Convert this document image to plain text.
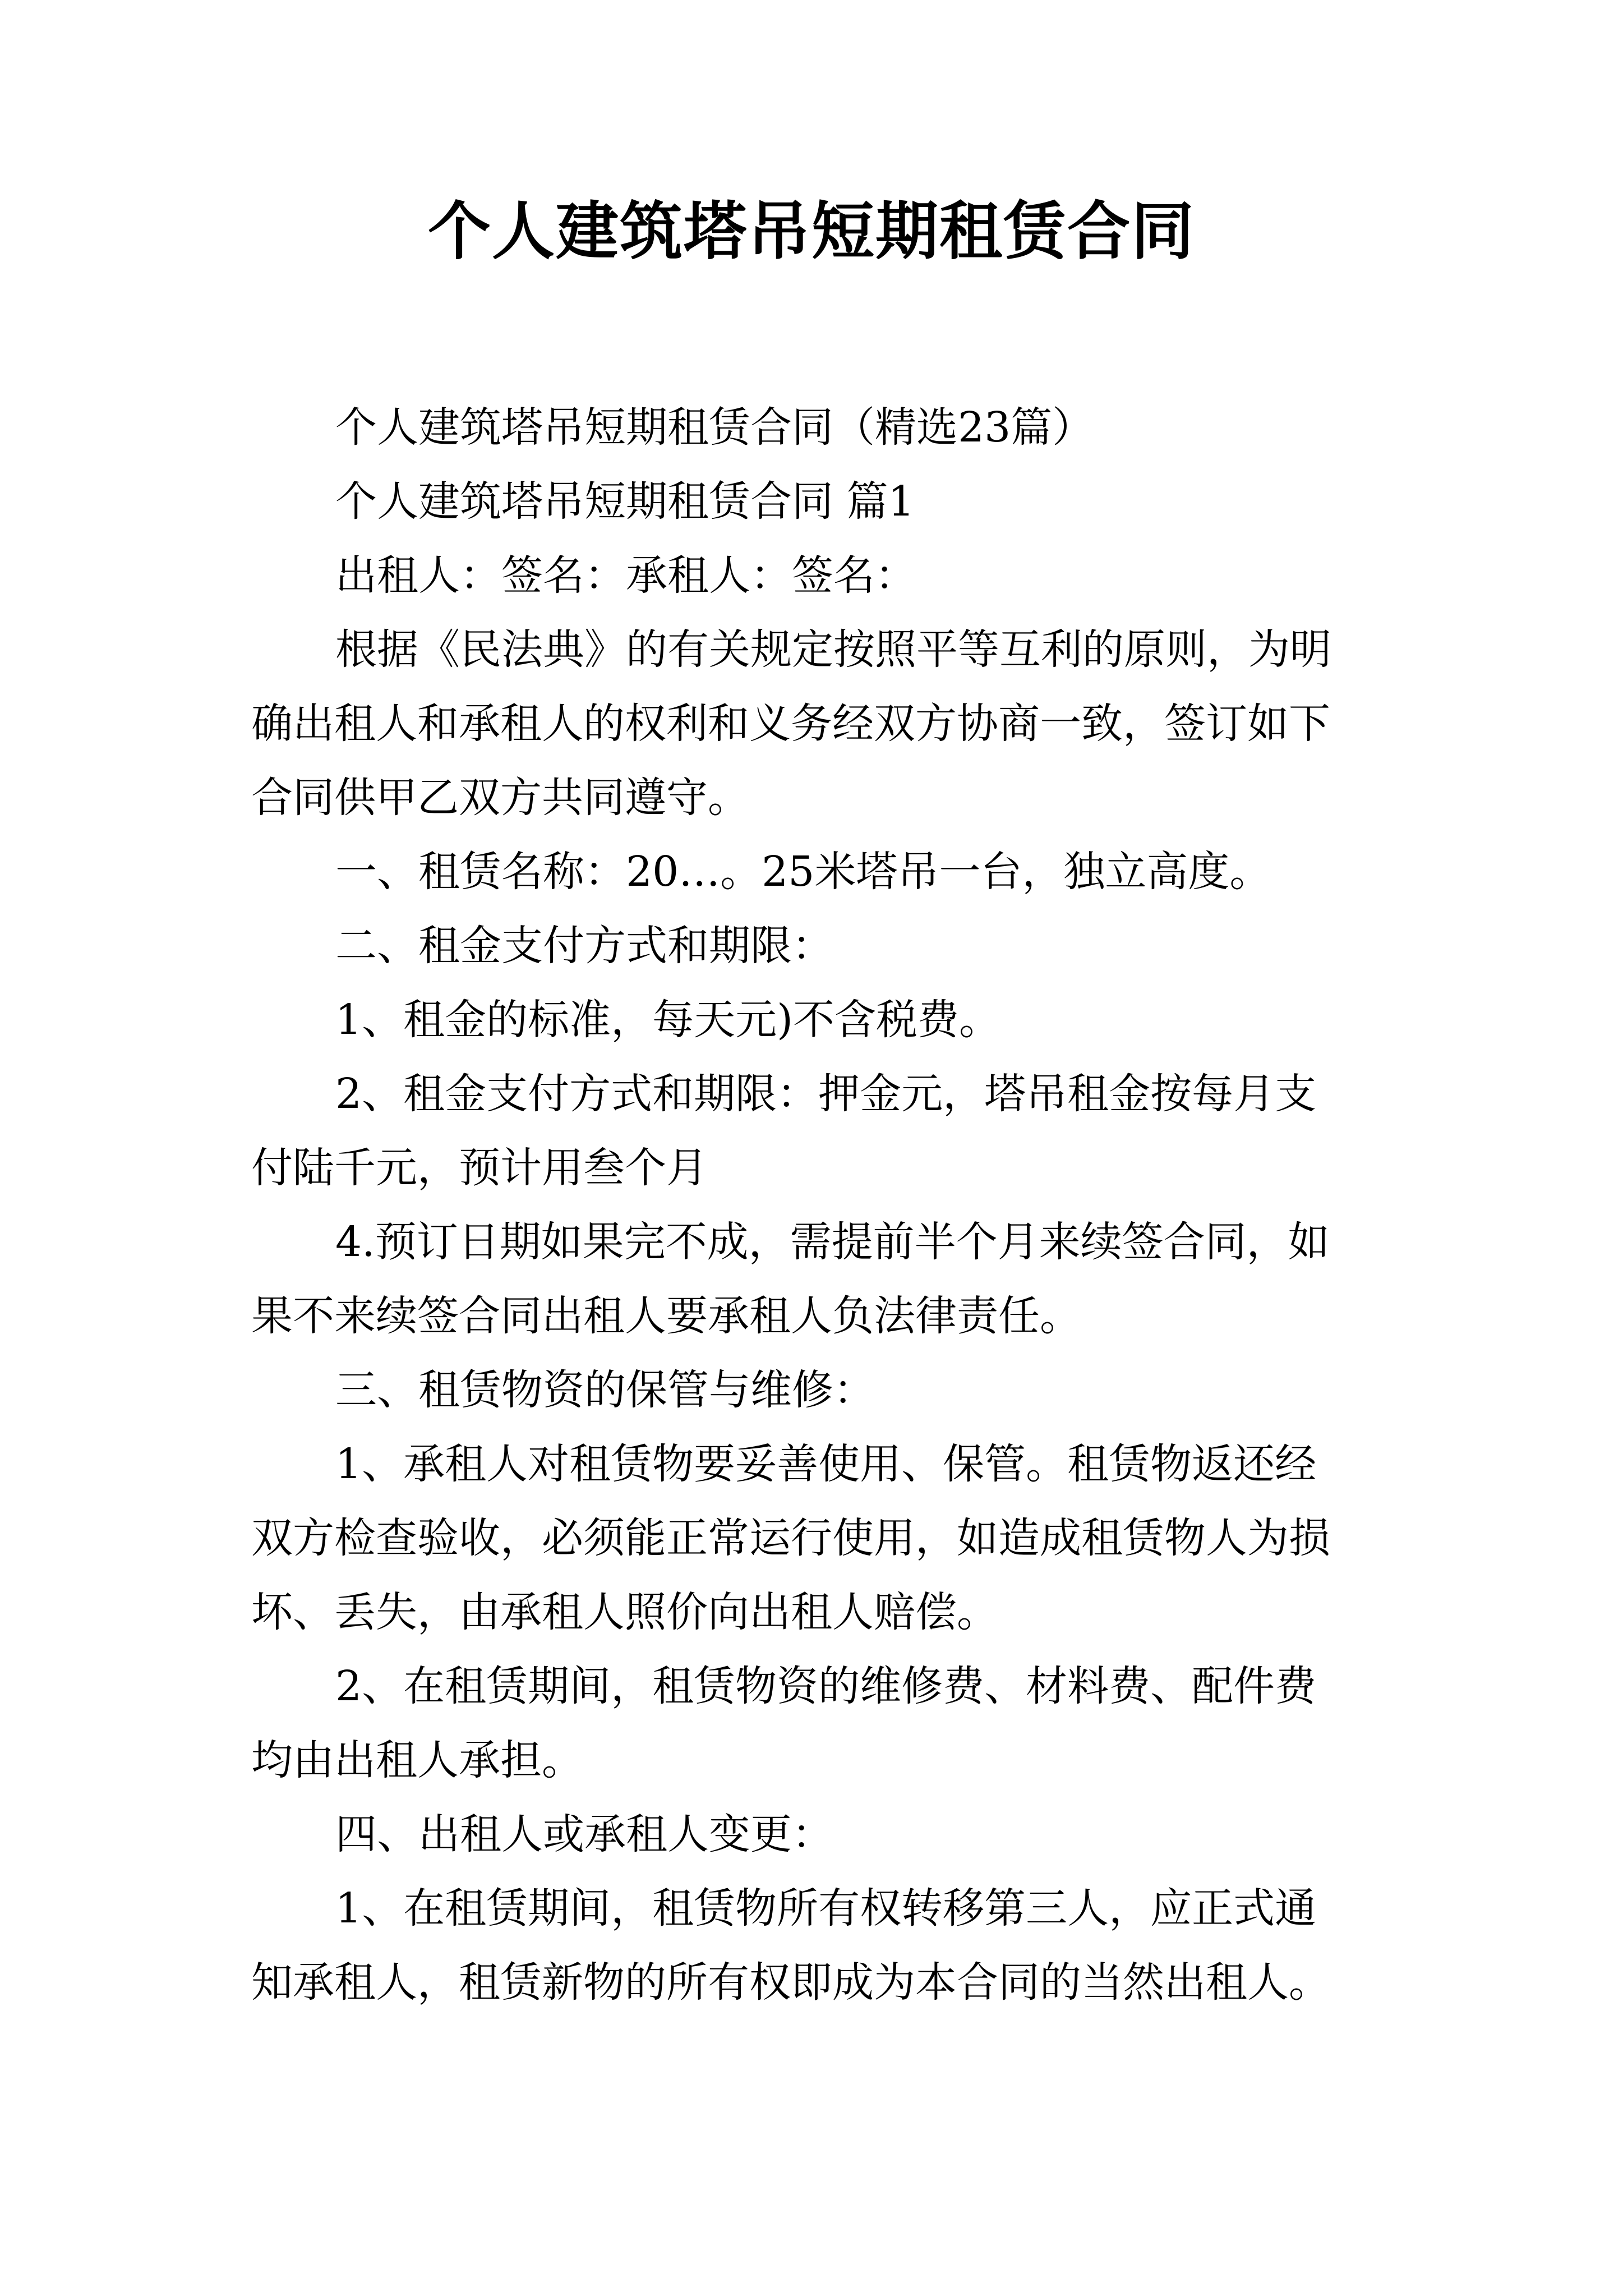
个人建筑塔吊短期租赁合同

个人建筑塔吊短期租赁合同（精选23篇）

个人建筑塔吊短期租赁合同 篇1

出租人：签名：承租人：签名：

根据《民法典》的有关规定按照平等互利的原则，为明
确出租人和承租人的权利和义务经双方协商一致，签订如下
合同供甲乙双方共同遵守。

一、租赁名称：20…。25米塔吊一台，独立高度。

二、租金支付方式和期限：

1、租金的标准，每天元)不含税费。

2、租金支付方式和期限：押金元，塔吊租金按每月支
付陆千元，预计用叁个月

4.预订日期如果完不成，需提前半个月来续签合同，如
果不来续签合同出租人要承租人负法律责任。

三、租赁物资的保管与维修：

1、承租人对租赁物要妥善使用、保管。租赁物返还经
双方检查验收，必须能正常运行使用，如造成租赁物人为损
坏、丢失，由承租人照价向出租人赔偿。

2、在租赁期间，租赁物资的维修费、材料费、配件费
均由出租人承担。

四、出租人或承租人变更：

1、在租赁期间，租赁物所有权转移第三人，应正式通
知承租人，租赁新物的所有权即成为本合同的当然出租人。
